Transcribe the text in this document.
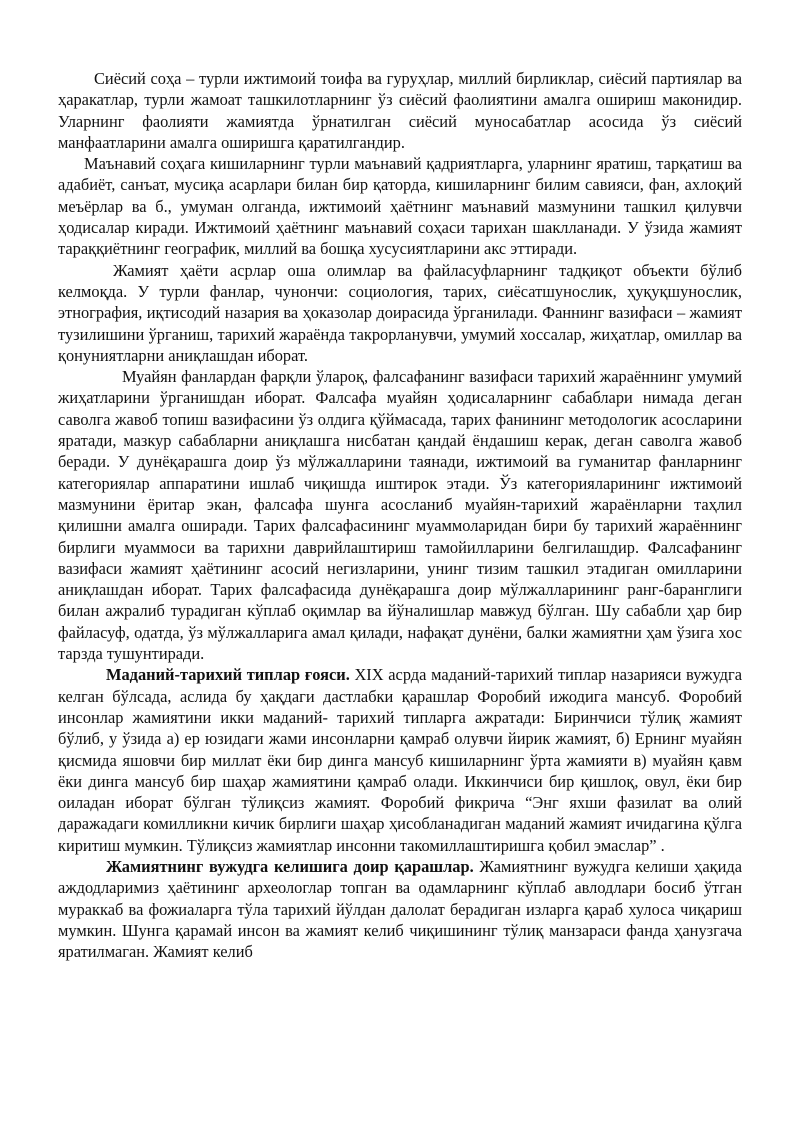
Сиёсий соҳа – турли ижтимоий тоифа ва гуруҳлар, миллий бирликлар, сиёсий партиялар ва ҳаракатлар, турли жамоат ташкилотларнинг ўз сиёсий фаолиятини амалга ошириш маконидир. Уларнинг фаолияти жамиятда ўрнатилган сиёсий муносабатлар асосида ўз сиёсий манфаатларини амалга оширишга қаратилгандир.

Маънавий соҳага кишиларнинг турли маънавий қадриятларга, уларнинг яратиш, тарқатиш ва адабиёт, санъат, мусиқа асарлари билан бир қаторда, кишиларнинг билим савияси, фан, ахлоқий меъёрлар ва б., умуман олганда, ижтимоий ҳаётнинг маънавий мазмунини ташкил қилувчи ҳодисалар киради. Ижтимоий ҳаётнинг маънавий соҳаси тарихан шаклланади. У ўзида жамият тараққиётнинг географик, миллий ва бошқа хусусиятларини акс эттиради.

Жамият ҳаёти асрлар оша олимлар ва файласуфларнинг тадқиқот объекти бўлиб келмоқда. У турли фанлар, чунончи: социология, тарих, сиёсатшунослик, ҳуқуқшунослик, этнография, иқтисодий назария ва ҳоказолар доирасида ўрганилади. Фаннинг вазифаси – жамият тузилишини ўрганиш, тарихий жараёнда такрорланувчи, умумий хоссалар, жиҳатлар, омиллар ва қонуниятларни аниқлашдан иборат.

Муайян фанлардан фарқли ўлароқ, фалсафанинг вазифаси тарихий жараённинг умумий жиҳатларини ўрганишдан иборат. Фалсафа муайян ҳодисаларнинг сабаблари нимада деган саволга жавоб топиш вазифасини ўз олдига қўймасада, тарих фанининг методологик асосларини яратади, мазкур сабабларни аниқлашга нисбатан қандай ёндашиш керак, деган саволга жавоб беради. У дунёқарашга доир ўз мўлжалларини таянади, ижтимоий ва гуманитар фанларнинг категориялар аппаратини ишлаб чиқишда иштирок этади. Ўз категорияларининг ижтимоий мазмунини ёритар экан, фалсафа шунга асосланиб муайян-тарихий жараёнларни таҳлил қилишни амалга оширади. Тарих фалсафасининг муаммоларидан бири бу тарихий жараённинг бирлиги муаммоси ва тарихни даврийлаштириш тамойилларини белгилашдир. Фалсафанинг вазифаси жамият ҳаётининг асосий негизларини, унинг тизим ташкил этадиган омилларини аниқлашдан иборат. Тарих фалсафасида дунёқарашга доир мўлжалларининг ранг-баранглиги билан ажралиб турадиган кўплаб оқимлар ва йўналишлар мавжуд бўлган. Шу сабабли ҳар бир файласуф, одатда, ўз мўлжалларига амал қилади, нафақат дунёни, балки жамиятни ҳам ўзига хос тарзда тушунтиради.

Маданий-тарихий типлар ғояси. XIX асрда маданий-тарихий типлар назарияси вужудга келган бўлсада, аслида бу ҳақдаги дастлабки қарашлар Форобий ижодига мансуб. Форобий инсонлар жамиятини икки маданий- тарихий типларга ажратади: Биринчиси тўлиқ жамият бўлиб, у ўзида а) ер юзидаги жами инсонларни қамраб олувчи йирик жамият, б) Ернинг муайян қисмида яшовчи бир миллат ёки бир динга мансуб кишиларнинг ўрта жамияти в) муайян қавм ёки динга мансуб бир шаҳар жамиятини қамраб олади. Иккинчиси бир қишлоқ, овул, ёки бир оиладан иборат бўлган тўлиқсиз жамият. Форобий фикрича “Энг яхши фазилат ва олий даражадаги комилликни кичик бирлиги шаҳар ҳисобланадиган маданий жамият ичидагина қўлга киритиш мумкин. Тўлиқсиз жамиятлар инсонни такомиллаштиришга қобил эмаслар” .

Жамиятнинг вужудга келишига доир қарашлар. Жамиятнинг вужудга келиши ҳақида аждодларимиз ҳаётининг археологлар топган ва одамларнинг кўплаб авлодлари босиб ўтган мураккаб ва фожиаларга тўла тарихий йўлдан далолат берадиган изларга қараб хулоса чиқариш мумкин. Шунга қарамай инсон ва жамият келиб чиқишининг тўлиқ манзараси фанда ҳанузгача яратилмаган. Жамият келиб
